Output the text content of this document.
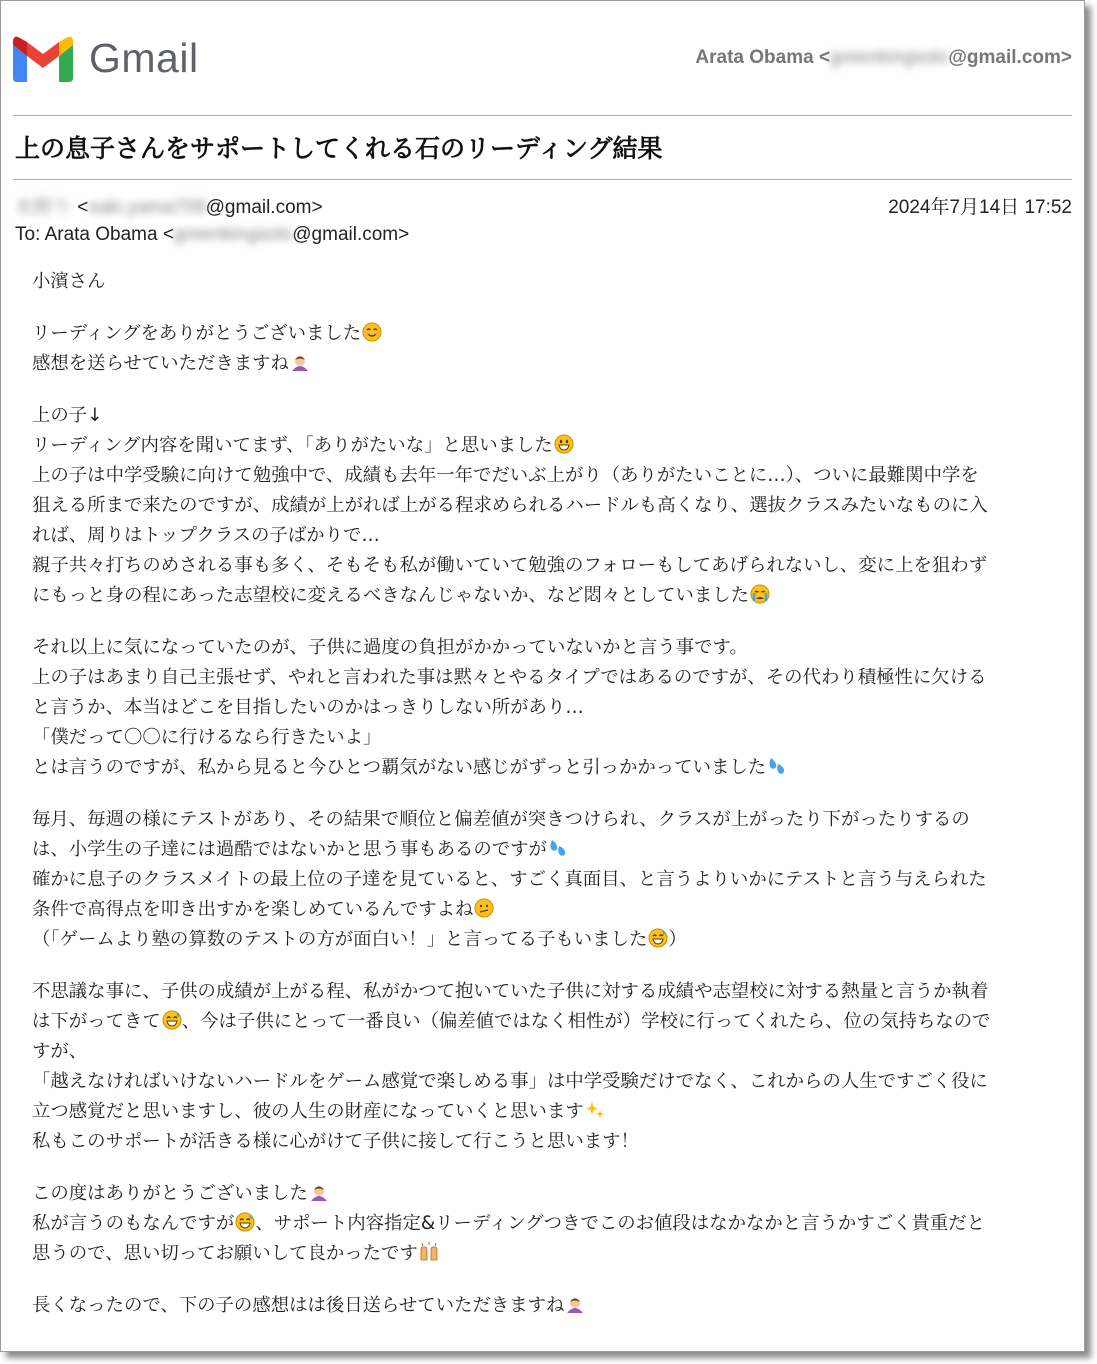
Gmail	Arata Obama <greenkingsolo@gmail.com>
上の息子さんをサポートしてくれる石のリーディング結果
水野り <saki.yama709@gmail.com>	2024年7月14日 17:52
To: Arata Obama <greenkingsolo@gmail.com>

小濱さん

リーディングをありがとうございました
感想を送らせていただきますね

上の子↓
リーディング内容を聞いてまず、「ありがたいな」と思いました
上の子は中学受験に向けて勉強中で、成績も去年一年でだいぶ上がり（ありがたいことに…）、ついに最難関中学を
狙える所まで来たのですが、成績が上がれば上がる程求められるハードルも高くなり、選抜クラスみたいなものに入
れば、周りはトップクラスの子ばかりで…
親子共々打ちのめされる事も多く、そもそも私が働いていて勉強のフォローもしてあげられないし、変に上を狙わず
にもっと身の程にあった志望校に変えるべきなんじゃないか、など悶々としていました

それ以上に気になっていたのが、子供に過度の負担がかかっていないかと言う事です。
上の子はあまり自己主張せず、やれと言われた事は黙々とやるタイプではあるのですが、その代わり積極性に欠ける
と言うか、本当はどこを目指したいのかはっきりしない所があり…
「僕だって〇〇に行けるなら行きたいよ」
とは言うのですが、私から見ると今ひとつ覇気がない感じがずっと引っかかっていました

毎月、毎週の様にテストがあり、その結果で順位と偏差値が突きつけられ、クラスが上がったり下がったりするの
は、小学生の子達には過酷ではないかと思う事もあるのですが
確かに息子のクラスメイトの最上位の子達を見ていると、すごく真面目、と言うよりいかにテストと言う与えられた
条件で高得点を叩き出すかを楽しめているんですよね
（「ゲームより塾の算数のテストの方が面白い！」と言ってる子もいました ）

不思議な事に、子供の成績が上がる程、私がかつて抱いていた子供に対する成績や志望校に対する熱量と言うか執着
は下がってきて 、今は子供にとって一番良い（偏差値ではなく相性が）学校に行ってくれたら、位の気持ちなので
すが、
「越えなければいけないハードルをゲーム感覚で楽しめる事」は中学受験だけでなく、これからの人生ですごく役に
立つ感覚だと思いますし、彼の人生の財産になっていくと思います
私もこのサポートが活きる様に心がけて子供に接して行こうと思います！

この度はありがとうございました
私が言うのもなんですが 、サポート内容指定&リーディングつきでこのお値段はなかなかと言うかすごく貴重だと
思うので、思い切ってお願いして良かったです

長くなったので、下の子の感想はは後日送らせていただきますね
